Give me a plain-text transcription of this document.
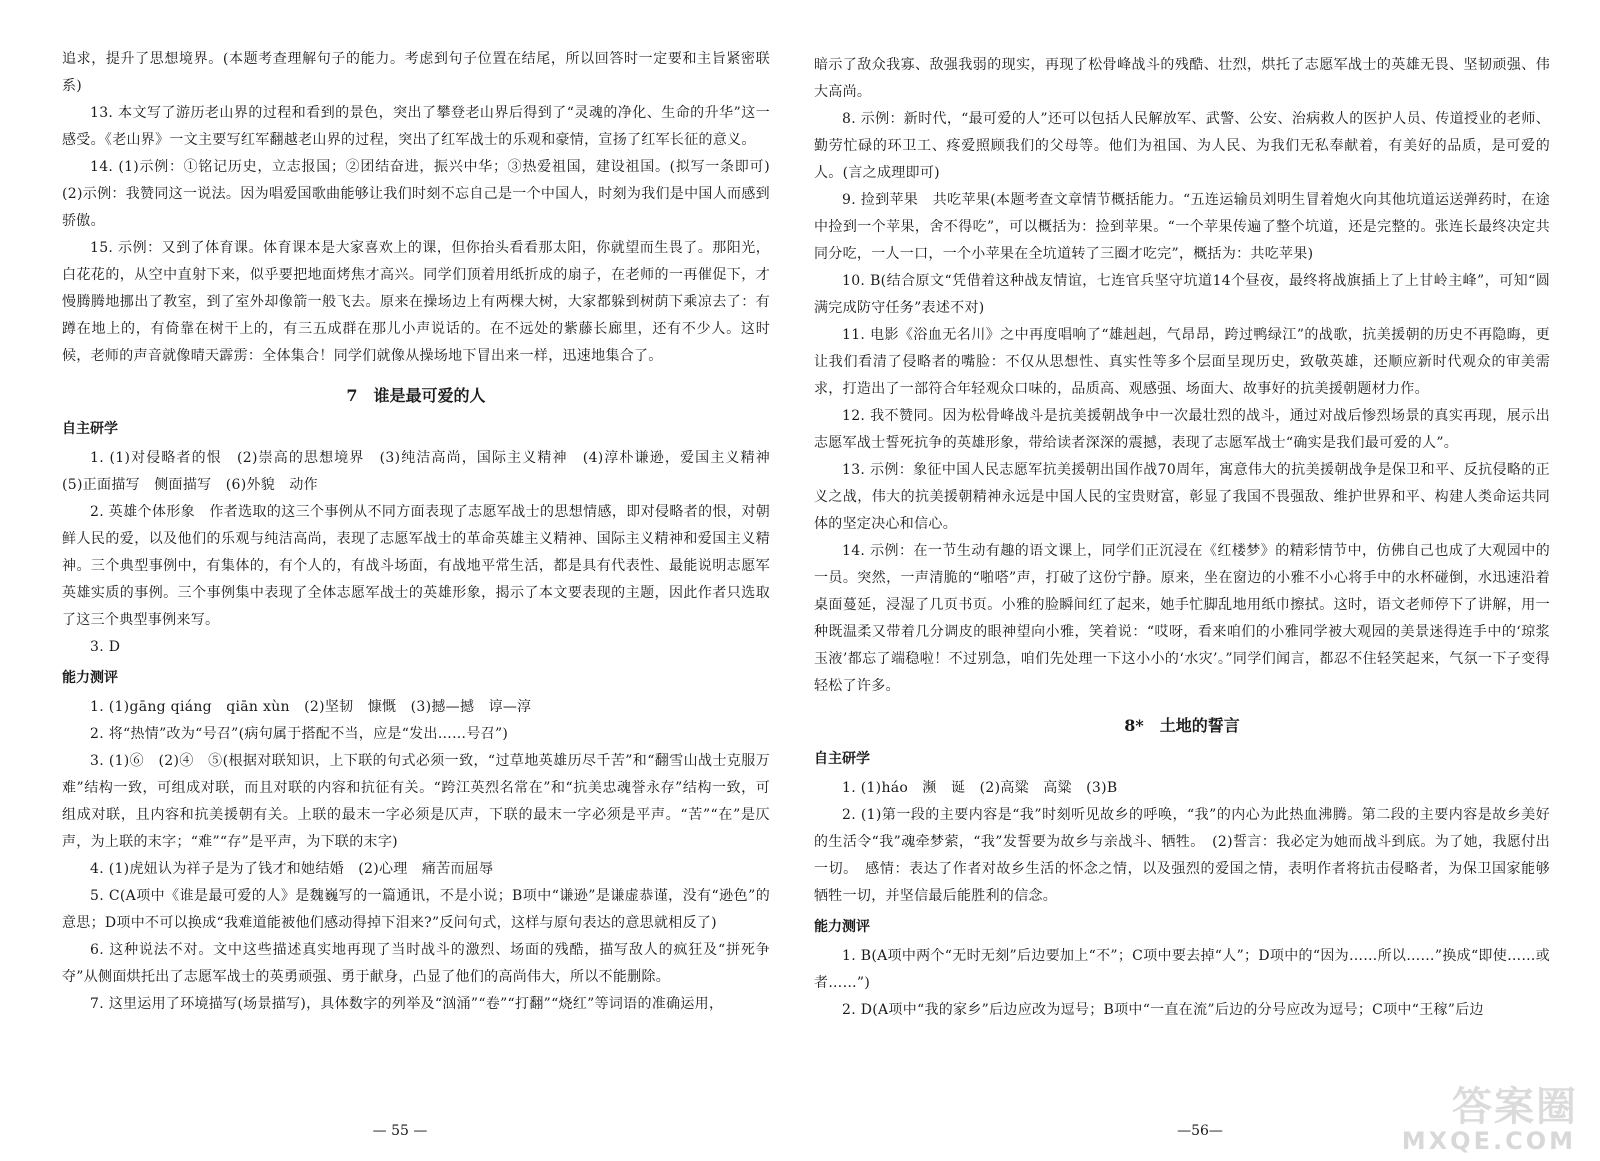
追求，提升了思想境界。(本题考查理解句子的能力。考虑到句子位置在结尾，所以回答时一定要和主旨紧密联系)

13. 本文写了游历老山界的过程和看到的景色，突出了攀登老山界后得到了“灵魂的净化、生命的升华”这一感受。《老山界》一文主要写红军翻越老山界的过程，突出了红军战士的乐观和豪情，宣扬了红军长征的意义。

14. (1)示例：①铭记历史，立志报国；②团结奋进，振兴中华；③热爱祖国，建设祖国。(拟写一条即可)　(2)示例：我赞同这一说法。因为唱爱国歌曲能够让我们时刻不忘自己是一个中国人，时刻为我们是中国人而感到骄傲。

15. 示例：又到了体育课。体育课本是大家喜欢上的课，但你抬头看看那太阳，你就望而生畏了。那阳光，白花花的，从空中直射下来，似乎要把地面烤焦才高兴。同学们顶着用纸折成的扇子，在老师的一再催促下，才慢腾腾地挪出了教室，到了室外却像箭一般飞去。原来在操场边上有两棵大树，大家都躲到树荫下乘凉去了：有蹲在地上的，有倚靠在树干上的，有三五成群在那儿小声说话的。在不远处的紫藤长廊里，还有不少人。这时候，老师的声音就像晴天霹雳：全体集合！同学们就像从操场地下冒出来一样，迅速地集合了。

7　谁是最可爱的人
自主研学

1. (1)对侵略者的恨　(2)崇高的思想境界　(3)纯洁高尚，国际主义精神　(4)淳朴谦逊，爱国主义精神　(5)正面描写　侧面描写　(6)外貌　动作

2. 英雄个体形象　作者选取的这三个事例从不同方面表现了志愿军战士的思想情感，即对侵略者的恨，对朝鲜人民的爱，以及他们的乐观与纯洁高尚，表现了志愿军战士的革命英雄主义精神、国际主义精神和爱国主义精神。三个典型事例中，有集体的，有个人的，有战斗场面，有战地平常生活，都是具有代表性、最能说明志愿军英雄实质的事例。三个事例集中表现了全体志愿军战士的英雄形象，揭示了本文要表现的主题，因此作者只选取了这三个典型事例来写。

3. D

能力测评

1. (1)gāng qiáng　qiān xùn　(2)坚韧　慷慨　(3)撼—撼　谆—淳

2. 将“热情”改为“号召”(病句属于搭配不当，应是“发出……号召”)

3. (1)⑥　(2)④　⑤(根据对联知识，上下联的句式必须一致，“过草地英雄历尽千苦”和“翻雪山战士克服万难”结构一致，可组成对联，而且对联的内容和抗征有关。“跨江英烈名常在”和“抗美忠魂誉永存”结构一致，可组成对联，且内容和抗美援朝有关。上联的最末一字必须是仄声，下联的最末一字必须是平声。“苦”“在”是仄声，为上联的末字；“难”“存”是平声，为下联的末字)

4. (1)虎妞认为祥子是为了钱才和她结婚　(2)心理　痛苦而屈辱

5. C(A项中《谁是最可爱的人》是魏巍写的一篇通讯，不是小说；B项中“谦逊”是谦虚恭谨，没有“逊色”的意思；D项中不可以换成“我难道能被他们感动得掉下泪来?”反问句式，这样与原句表达的意思就相反了)

6. 这种说法不对。文中这些描述真实地再现了当时战斗的激烈、场面的残酷，描写敌人的疯狂及“拼死争夺”从侧面烘托出了志愿军战士的英勇顽强、勇于献身，凸显了他们的高尚伟大，所以不能删除。

7. 这里运用了环境描写(场景描写)，具体数字的列举及“汹涌”“卷”“打翻”“烧红”等词语的准确运用，

— 55 —

暗示了敌众我寡、敌强我弱的现实，再现了松骨峰战斗的残酷、壮烈，烘托了志愿军战士的英雄无畏、坚韧顽强、伟大高尚。

8. 示例：新时代，“最可爱的人”还可以包括人民解放军、武警、公安、治病救人的医护人员、传道授业的老师、勤劳忙碌的环卫工、疼爱照顾我们的父母等。他们为祖国、为人民、为我们无私奉献着，有美好的品质，是可爱的人。(言之成理即可)

9. 捡到苹果　共吃苹果(本题考查文章情节概括能力。“五连运输员刘明生冒着炮火向其他坑道运送弹药时，在途中捡到一个苹果，舍不得吃”，可以概括为：捡到苹果。“一个苹果传遍了整个坑道，还是完整的。张连长最终决定共同分吃，一人一口，一个小苹果在全坑道转了三圈才吃完”，概括为：共吃苹果)

10. B(结合原文“凭借着这种战友情谊，七连官兵坚守坑道14个昼夜，最终将战旗插上了上甘岭主峰”，可知“圆满完成防守任务”表述不对)

11. 电影《浴血无名川》之中再度唱响了“雄赳赳，气昂昂，跨过鸭绿江”的战歌，抗美援朝的历史不再隐晦，更让我们看清了侵略者的嘴脸：不仅从思想性、真实性等多个层面呈现历史，致敬英雄，还顺应新时代观众的审美需求，打造出了一部符合年轻观众口味的，品质高、观感强、场面大、故事好的抗美援朝题材力作。

12. 我不赞同。因为松骨峰战斗是抗美援朝战争中一次最壮烈的战斗，通过对战后惨烈场景的真实再现，展示出志愿军战士誓死抗争的英雄形象，带给读者深深的震撼，表现了志愿军战士“确实是我们最可爱的人”。

13. 示例：象征中国人民志愿军抗美援朝出国作战70周年，寓意伟大的抗美援朝战争是保卫和平、反抗侵略的正义之战，伟大的抗美援朝精神永远是中国人民的宝贵财富，彰显了我国不畏强敌、维护世界和平、构建人类命运共同体的坚定决心和信心。

14. 示例：在一节生动有趣的语文课上，同学们正沉浸在《红楼梦》的精彩情节中，仿佛自己也成了大观园中的一员。突然，一声清脆的“啪嗒”声，打破了这份宁静。原来，坐在窗边的小雅不小心将手中的水杯碰倒，水迅速沿着桌面蔓延，浸湿了几页书页。小雅的脸瞬间红了起来，她手忙脚乱地用纸巾擦拭。这时，语文老师停下了讲解，用一种既温柔又带着几分调皮的眼神望向小雅，笑着说：“哎呀，看来咱们的小雅同学被大观园的美景迷得连手中的‘琼浆玉液’都忘了端稳啦！不过别急，咱们先处理一下这小小的‘水灾’。”同学们闻言，都忍不住轻笑起来，气氛一下子变得轻松了许多。

8*　土地的誓言
自主研学

1. (1)háo　濒　诞　(2)高粱　高粱　(3)B

2. (1)第一段的主要内容是“我”时刻听见故乡的呼唤，“我”的内心为此热血沸腾。第二段的主要内容是故乡美好的生活令“我”魂牵梦萦，“我”发誓要为故乡与亲战斗、牺牲。　(2)誓言：我必定为她而战斗到底。为了她，我愿付出一切。　感情：表达了作者对故乡生活的怀念之情，以及强烈的爱国之情，表明作者将抗击侵略者，为保卫国家能够牺牲一切，并坚信最后能胜利的信念。

能力测评

1. B(A项中两个“无时无刻”后边要加上“不”；C项中要去掉“人”；D项中的“因为……所以……”换成“即使……或者……”)

2. D(A项中“我的家乡”后边应改为逗号；B项中“一直在流”后边的分号应改为逗号；C项中“王稼”后边

—56—
答案圈
MXQE.COM
